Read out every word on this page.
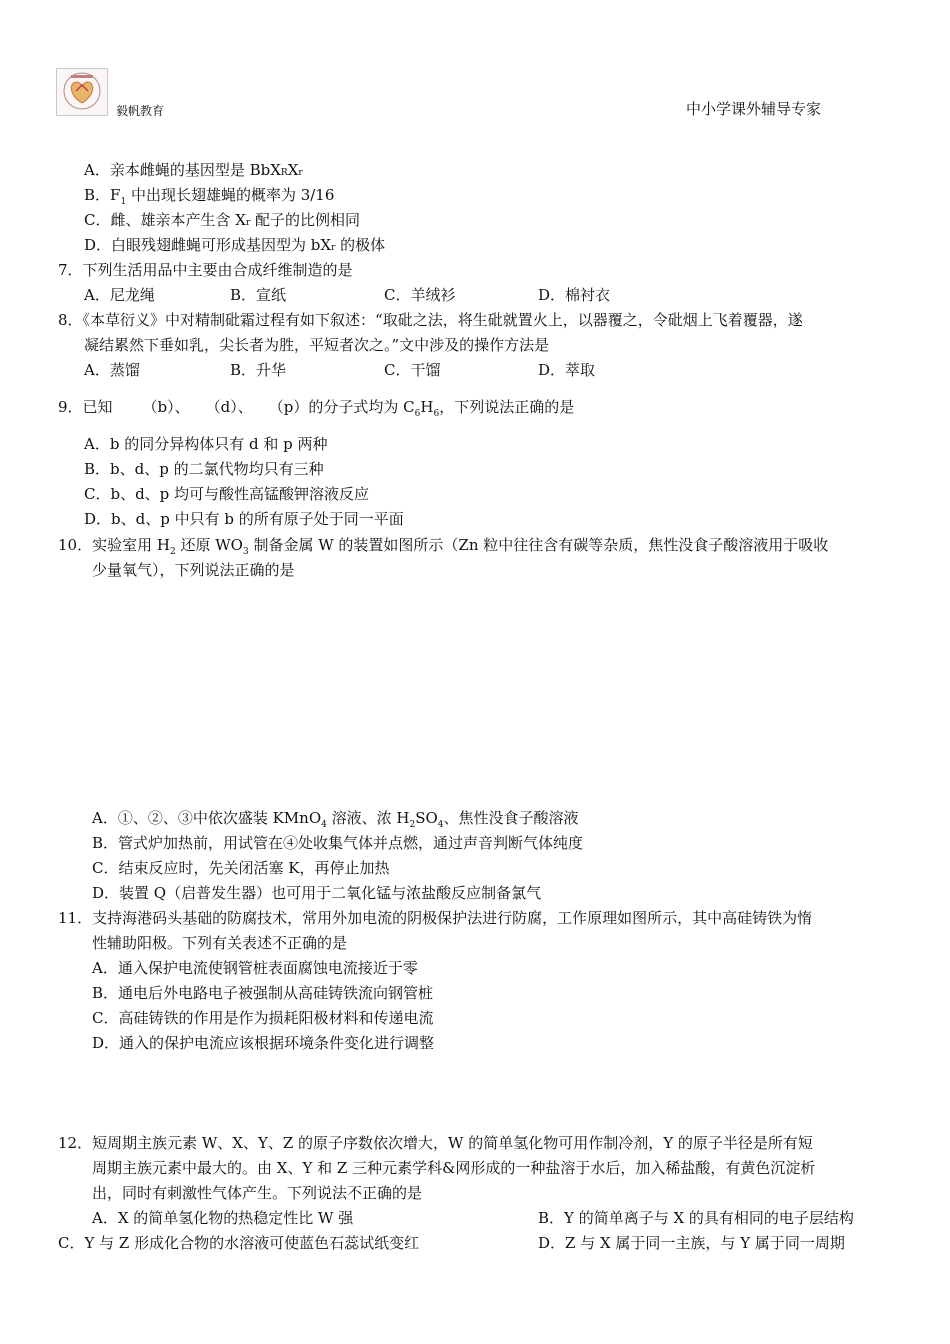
毅帆教育	中小学课外辅导专家
A．亲本雌蝇的基因型是 BbXRXr
B．$F_1$ 中出现长翅雄蝇的概率为 3/16
C．雌、雄亲本产生含 Xr 配子的比例相同
D．白眼残翅雌蝇可形成基因型为 bXr 的极体
7．下列生活用品中主要由合成纤维制造的是
A．尼龙绳	B．宣纸	C．羊绒衫	D．棉衬衣
8．《本草衍义》中对精制砒霜过程有如下叙述：“取砒之法，将生砒就置火上，以器覆之，令砒烟上飞着覆器，遂
凝结累然下垂如乳，尖长者为胜，平短者次之。”文中涉及的操作方法是
A．蒸馏	B．升华	C．干馏	D．萃取
9．已知 （b）、 （d）、 （p）的分子式均为 $C_6H_6$，下列说法正确的是
A．b 的同分异构体只有 d 和 p 两种
B．b、d、p 的二氯代物均只有三种
C．b、d、p 均可与酸性高锰酸钾溶液反应
D．b、d、p 中只有 b 的所有原子处于同一平面
10．实验室用 $H_2$ 还原 $WO_3$ 制备金属 W 的装置如图所示（Zn 粒中往往含有碳等杂质，焦性没食子酸溶液用于吸收
少量氧气），下列说法正确的是
A．①、②、③中依次盛装 KMnO$_4$ 溶液、浓 $H_2SO_4$、焦性没食子酸溶液
B．管式炉加热前，用试管在④处收集气体并点燃，通过声音判断气体纯度
C．结束反应时，先关闭活塞 K，再停止加热
D．装置 Q（启普发生器）也可用于二氧化锰与浓盐酸反应制备氯气
11．支持海港码头基础的防腐技术，常用外加电流的阴极保护法进行防腐，工作原理如图所示，其中高硅铸铁为惰
性辅助阳极。下列有关表述不正确的是
A．通入保护电流使钢管桩表面腐蚀电流接近于零
B．通电后外电路电子被强制从高硅铸铁流向钢管桩
C．高硅铸铁的作用是作为损耗阳极材料和传递电流
D．通入的保护电流应该根据环境条件变化进行调整
12．短周期主族元素 W、X、Y、Z 的原子序数依次增大，W 的简单氢化物可用作制冷剂，Y 的原子半径是所有短
周期主族元素中最大的。由 X、Y 和 Z 三种元素学科&网形成的一种盐溶于水后，加入稀盐酸，有黄色沉淀析
出，同时有刺激性气体产生。下列说法不正确的是
A．X 的简单氢化物的热稳定性比 W 强	B．Y 的简单离子与 X 的具有相同的电子层结构
C．Y 与 Z 形成化合物的水溶液可使蓝色石蕊试纸变红	D．Z 与 X 属于同一主族，与 Y 属于同一周期
